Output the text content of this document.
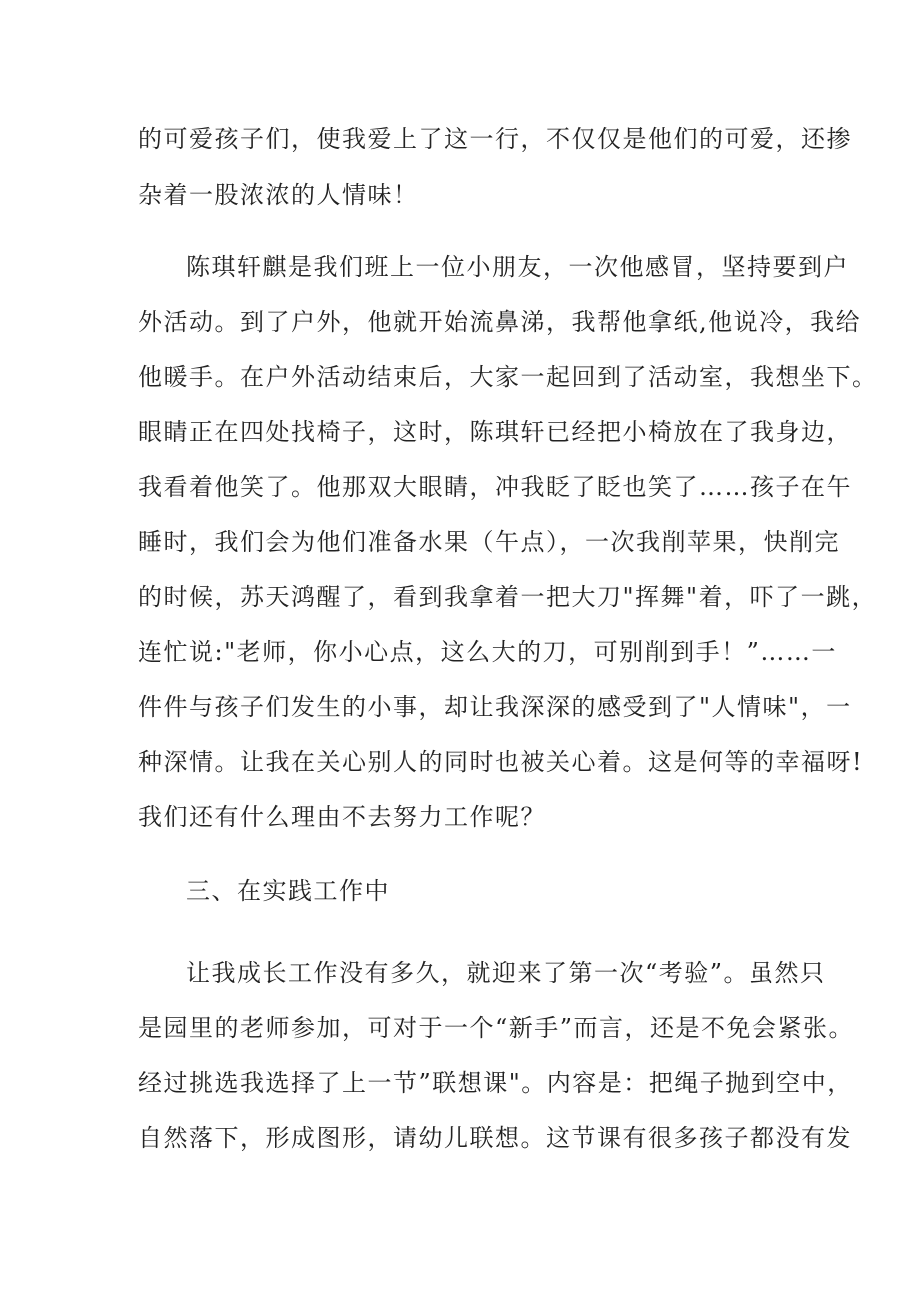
的可爱孩子们，使我爱上了这一行，不仅仅是他们的可爱，还掺

杂着一股浓浓的人情味！

陈琪轩麒是我们班上一位小朋友，一次他感冒，坚持要到户

外活动。到了户外，他就开始流鼻涕，我帮他拿纸,他说冷，我给

他暖手。在户外活动结束后，大家一起回到了活动室，我想坐下。

眼睛正在四处找椅子，这时，陈琪轩已经把小椅放在了我身边，

我看着他笑了。他那双大眼睛，冲我眨了眨也笑了……孩子在午

睡时，我们会为他们准备水果（午点），一次我削苹果，快削完

的时候，苏天鸿醒了，看到我拿着一把大刀"挥舞"着，吓了一跳，

连忙说:"老师，你小心点，这么大的刀，可别削到手！”……一

件件与孩子们发生的小事，却让我深深的感受到了"人情味"，一

种深情。让我在关心别人的同时也被关心着。这是何等的幸福呀!

我们还有什么理由不去努力工作呢？

三、在实践工作中

让我成长工作没有多久，就迎来了第一次“考验”。虽然只

是园里的老师参加，可对于一个“新手”而言，还是不免会紧张。

经过挑选我选择了上一节”联想课"。内容是：把绳子抛到空中，

自然落下，形成图形，请幼儿联想。这节课有很多孩子都没有发
